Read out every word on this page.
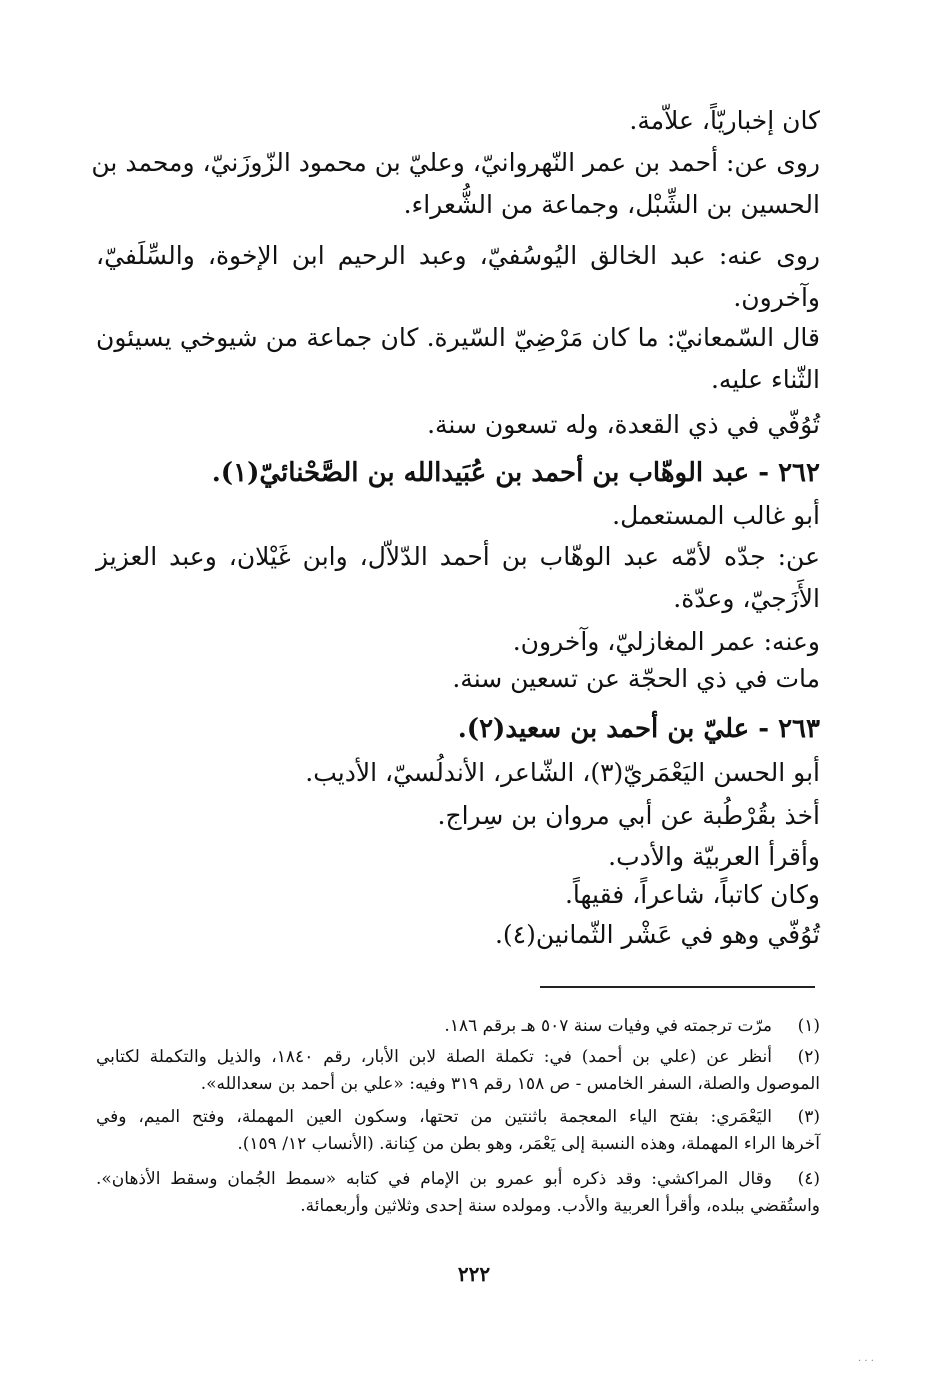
كان إخباريّاً، علاّمة.
روى عن: أحمد بن عمر النّهروانيّ، وعليّ بن محمود الزّوزَنيّ، ومحمد بن
الحسين بن الشِّبْل، وجماعة من الشُّعراء.
روى عنه: عبد الخالق اليُوسُفيّ، وعبد الرحيم ابن الإخوة، والسِّلَفيّ،
وآخرون.
قال السّمعانيّ: ما كان مَرْضِيّ السّيرة. كان جماعة من شيوخي يسيئون
الثّناء عليه.
تُوُفّي في ذي القعدة، وله تسعون سنة.
٢٦٢ - عبد الوهّاب بن أحمد بن عُبَيدالله بن الصَّحْنائيّ(١).
أبو غالب المستعمل.
عن: جدّه لأمّه عبد الوهّاب بن أحمد الدّلاّل، وابن غَيْلان، وعبد العزيز
الأَزَجيّ، وعدّة.
وعنه: عمر المغازليّ، وآخرون.
مات في ذي الحجّة عن تسعين سنة.
٢٦٣ - عليّ بن أحمد بن سعيد(٢).
أبو الحسن اليَعْمَريّ(٣)، الشّاعر، الأندلُسيّ، الأديب.
أخذ بقُرْطُبة عن أبي مروان بن سِراج.
وأقرأ العربيّة والأدب.
وكان كاتباً، شاعراً، فقيهاً.
تُوُفّي وهو في عَشْر الثّمانين(٤).
(١)
مرّت ترجمته في وفيات سنة ٥٠٧ هـ برقم ١٨٦.
(٢)
أنظر عن (علي بن أحمد) في: تكملة الصلة لابن الأبار، رقم ١٨٤٠، والذيل والتكملة لكتابي
الموصول والصلة، السفر الخامس - ص ١٥٨ رقم ٣١٩ وفيه: «علي بن أحمد بن سعدالله».
(٣)
اليَعْمَري: بفتح الياء المعجمة باثنتين من تحتها، وسكون العين المهملة، وفتح الميم، وفي
آخرها الراء المهملة، وهذه النسبة إلى يَعْمَر، وهو بطن من كِنانة. (الأنساب ١٢/ ١٥٩).
(٤)
وقال المراكشي: وقد ذكره أبو عمرو بن الإمام في كتابه «سمط الجُمان وسقط الأذهان».
واستُقضي ببلده، وأقرأ العربية والأدب. ومولده سنة إحدى وثلاثين وأربعمائة.
٢٢٢
· · ·
